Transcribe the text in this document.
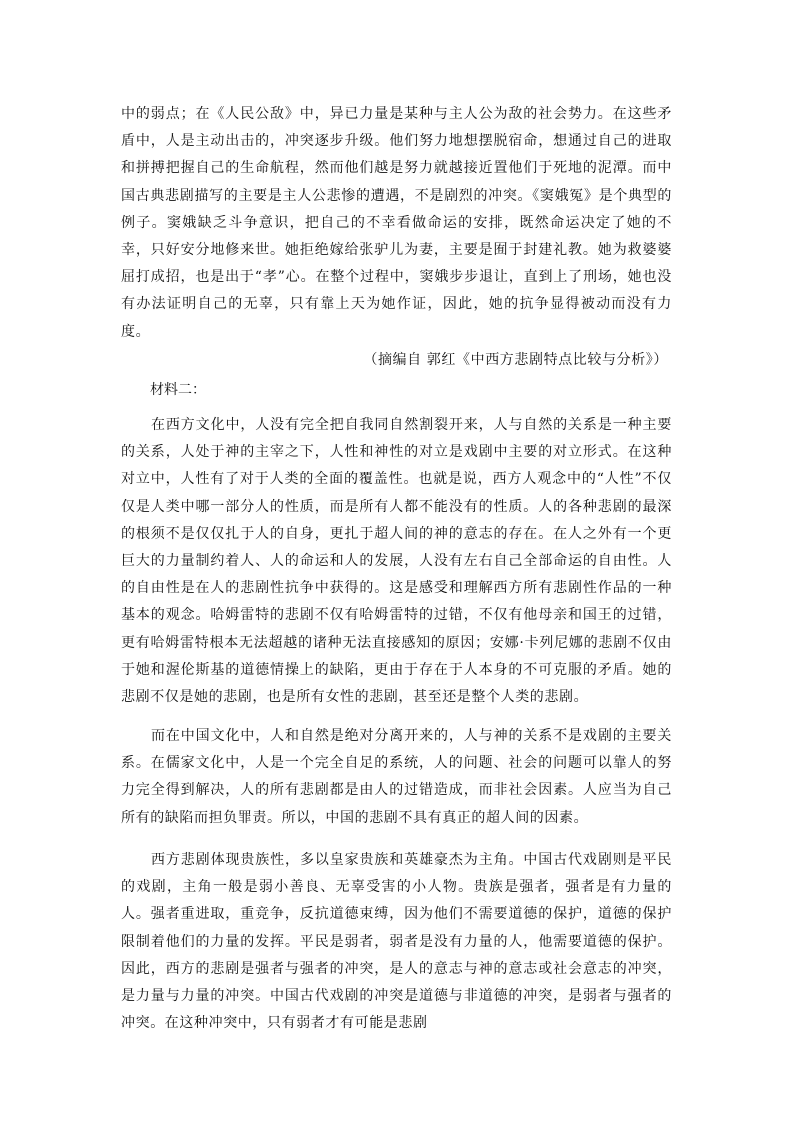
中的弱点；在《人民公敌》中，异已力量是某种与主人公为敌的社会势力。在这些矛盾中，人是主动出击的，冲突逐步升级。他们努力地想摆脱宿命，想通过自己的进取和拼搏把握自己的生命航程，然而他们越是努力就越接近置他们于死地的泥潭。而中国古典悲剧描写的主要是主人公悲惨的遭遇，不是剧烈的冲突。《窦娥冤》是个典型的例子。窦娥缺乏斗争意识，把自己的不幸看做命运的安排，既然命运决定了她的不幸，只好安分地修来世。她拒绝嫁给张驴儿为妻，主要是囿于封建礼教。她为救婆婆屈打成招，也是出于“孝”心。在整个过程中，窦娥步步退让，直到上了刑场，她也没有办法证明自己的无辜，只有靠上天为她作证，因此，她的抗争显得被动而没有力度。

（摘编自 郭红《中西方悲剧特点比较与分析》）

材料二：

在西方文化中，人没有完全把自我同自然割裂开来，人与自然的关系是一种主要的关系，人处于神的主宰之下，人性和神性的对立是戏剧中主要的对立形式。在这种对立中，人性有了对于人类的全面的覆盖性。也就是说，西方人观念中的“人性”不仅仅是人类中哪一部分人的性质，而是所有人都不能没有的性质。人的各种悲剧的最深的根须不是仅仅扎于人的自身，更扎于超人间的神的意志的存在。在人之外有一个更巨大的力量制约着人、人的命运和人的发展，人没有左右自己全部命运的自由性。人的自由性是在人的悲剧性抗争中获得的。这是感受和理解西方所有悲剧性作品的一种基本的观念。哈姆雷特的悲剧不仅有哈姆雷特的过错，不仅有他母亲和国王的过错，更有哈姆雷特根本无法超越的诸种无法直接感知的原因；安娜·卡列尼娜的悲剧不仅由于她和渥伦斯基的道德情操上的缺陷，更由于存在于人本身的不可克服的矛盾。她的悲剧不仅是她的悲剧，也是所有女性的悲剧，甚至还是整个人类的悲剧。

而在中国文化中，人和自然是绝对分离开来的，人与神的关系不是戏剧的主要关系。在儒家文化中，人是一个完全自足的系统，人的问题、社会的问题可以靠人的努力完全得到解决，人的所有悲剧都是由人的过错造成，而非社会因素。人应当为自己所有的缺陷而担负罪责。所以，中国的悲剧不具有真正的超人间的因素。

西方悲剧体现贵族性，多以皇家贵族和英雄豪杰为主角。中国古代戏剧则是平民的戏剧，主角一般是弱小善良、无辜受害的小人物。贵族是强者，强者是有力量的人。强者重进取，重竞争，反抗道德束缚，因为他们不需要道德的保护，道德的保护限制着他们的力量的发挥。平民是弱者，弱者是没有力量的人，他需要道德的保护。因此，西方的悲剧是强者与强者的冲突，是人的意志与神的意志或社会意志的冲突，是力量与力量的冲突。中国古代戏剧的冲突是道德与非道德的冲突，是弱者与强者的冲突。在这种冲突中，只有弱者才有可能是悲剧
